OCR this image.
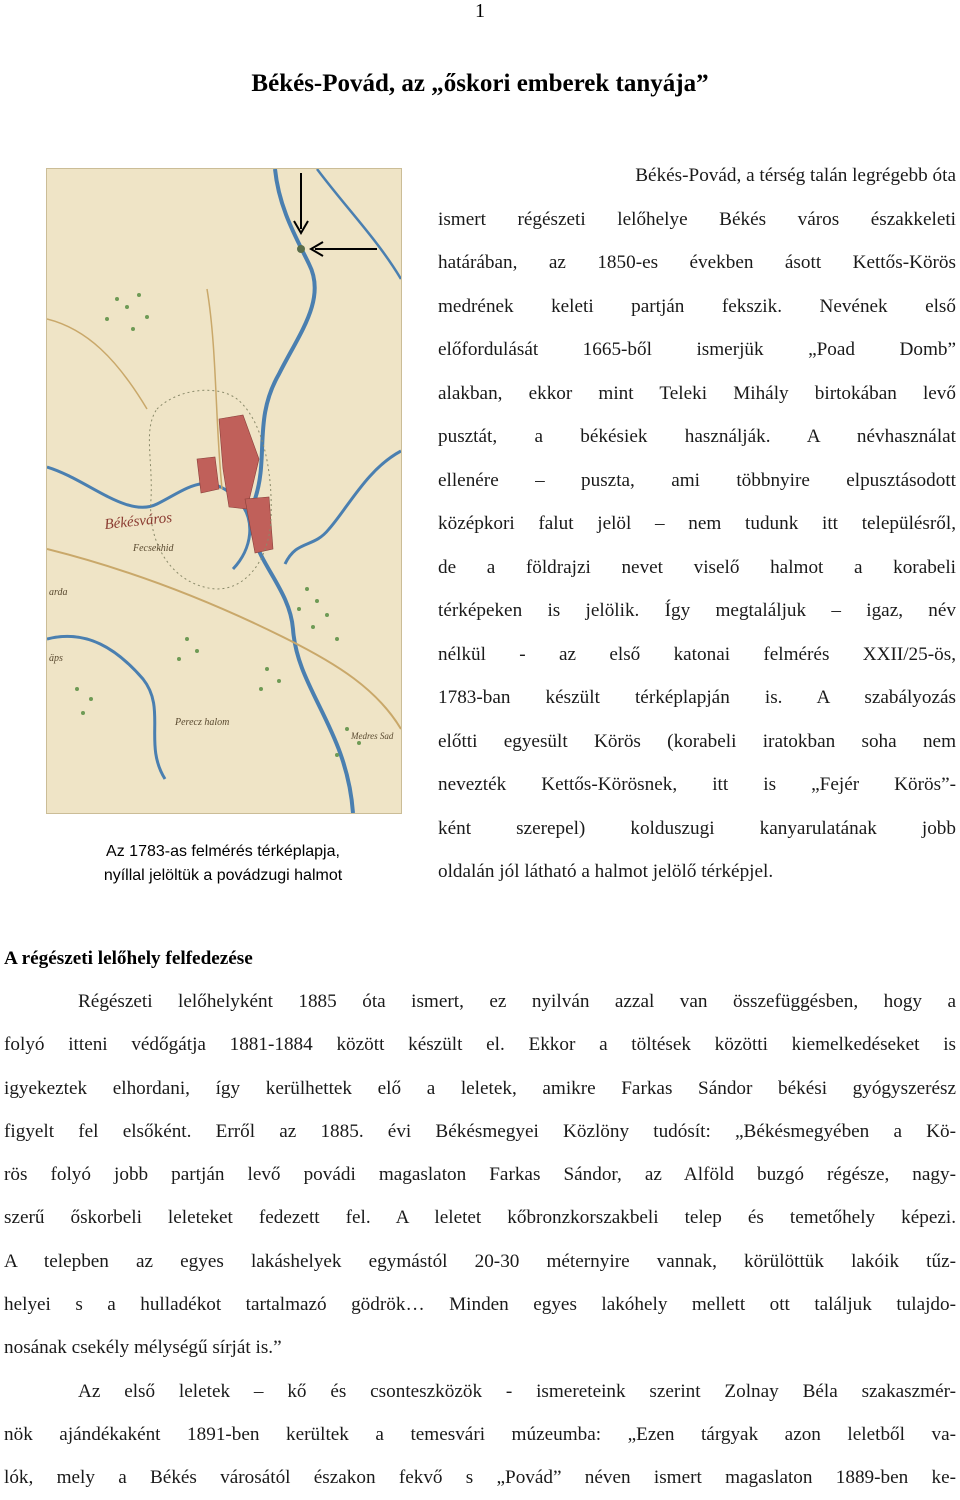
1
Békés-Povád, az „őskori emberek tanyája”
Békésváros
Fecsekhid
Perecz halom
arda
äps
Medres Sad
Az 1783-as felmérés térképlapja,
nyíllal jelöltük a povádzugi halmot
Békés-Povád, a térség talán legrégebb óta
ismert régészeti lelőhelye Békés város északkeleti
határában, az 1850-es években ásott Kettős-Körös
medrének keleti partján fekszik. Nevének első
előfordulását 1665-ből ismerjük „Poad Domb”
alakban, ekkor mint Teleki Mihály birtokában levő
pusztát, a békésiek használják. A névhasználat
ellenére – puszta, ami többnyire elpusztásodott
középkori falut jelöl – nem tudunk itt településről,
de a földrajzi nevet viselő halmot a korabeli
térképeken is jelölik. Így megtaláljuk – igaz, név
nélkül - az első katonai felmérés XXII/25-ös,
1783-ban készült térképlapján is. A szabályozás
előtti egyesült Körös (korabeli iratokban soha nem
nevezték Kettős-Körösnek, itt is „Fejér Körös”-
ként szerepel) kolduszugi kanyarulatának jobb
oldalán jól látható a halmot jelölő térképjel.
A régészeti lelőhely felfedezése
Régészeti lelőhelyként 1885 óta ismert, ez nyilván azzal van összefüggésben, hogy a
folyó itteni védőgátja 1881-1884 között készült el. Ekkor a töltések közötti kiemelkedéseket is
igyekeztek elhordani, így kerülhettek elő a leletek, amikre Farkas Sándor békési gyógyszerész
figyelt fel elsőként. Erről az 1885. évi Békésmegyei Közlöny tudósít: „Békésmegyében a Kö-
rös folyó jobb partján levő povádi magaslaton Farkas Sándor, az Alföld buzgó régésze, nagy-
szerű őskorbeli leleteket fedezett fel. A leletet kőbronzkorszakbeli telep és temetőhely képezi.
A telepben az egyes lakáshelyek egymástól 20-30 méternyire vannak, körülöttük lakóik tűz-
helyei s a hulladékot tartalmazó gödrök… Minden egyes lakóhely mellett ott találjuk tulajdo-
nosának csekély mélységű sírját is.”
Az első leletek – kő és csonteszközök - ismereteink szerint Zolnay Béla szakaszmér-
nök ajándékaként 1891-ben kerültek a temesvári múzeumba: „Ezen tárgyak azon leletből va-
lók, mely a Békés városától északon fekvő s „Povád” néven ismert magaslaton 1889-ben ke-
